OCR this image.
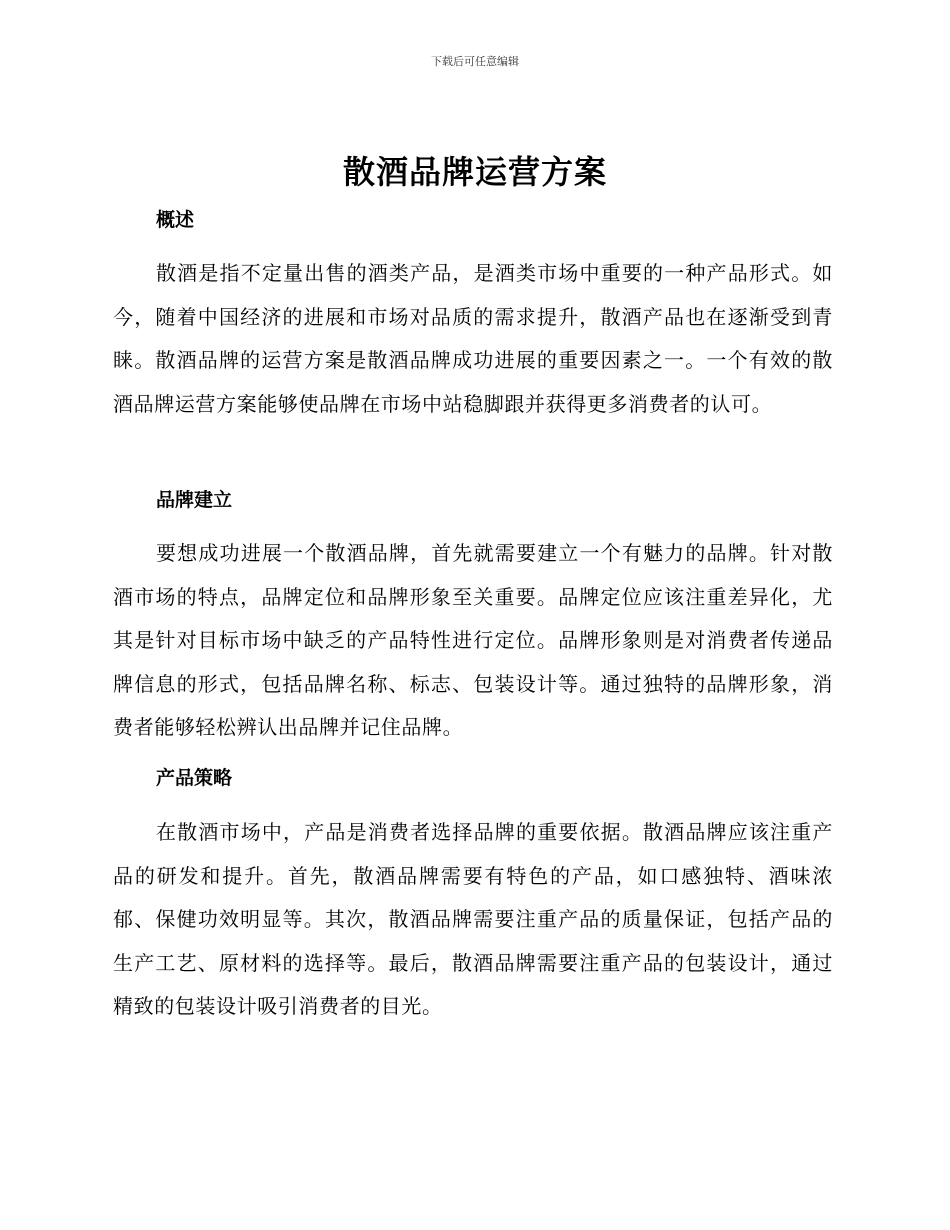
下载后可任意编辑
散酒品牌运营方案
概述

散酒是指不定量出售的酒类产品，是酒类市场中重要的一种产品形式。如今，随着中国经济的进展和市场对品质的需求提升，散酒产品也在逐渐受到青睐。散酒品牌的运营方案是散酒品牌成功进展的重要因素之一。一个有效的散酒品牌运营方案能够使品牌在市场中站稳脚跟并获得更多消费者的认可。

品牌建立

要想成功进展一个散酒品牌，首先就需要建立一个有魅力的品牌。针对散酒市场的特点，品牌定位和品牌形象至关重要。品牌定位应该注重差异化，尤其是针对目标市场中缺乏的产品特性进行定位。品牌形象则是对消费者传递品牌信息的形式，包括品牌名称、标志、包装设计等。通过独特的品牌形象，消费者能够轻松辨认出品牌并记住品牌。

产品策略

在散酒市场中，产品是消费者选择品牌的重要依据。散酒品牌应该注重产品的研发和提升。首先，散酒品牌需要有特色的产品，如口感独特、酒味浓郁、保健功效明显等。其次，散酒品牌需要注重产品的质量保证，包括产品的生产工艺、原材料的选择等。最后，散酒品牌需要注重产品的包装设计，通过精致的包装设计吸引消费者的目光。
